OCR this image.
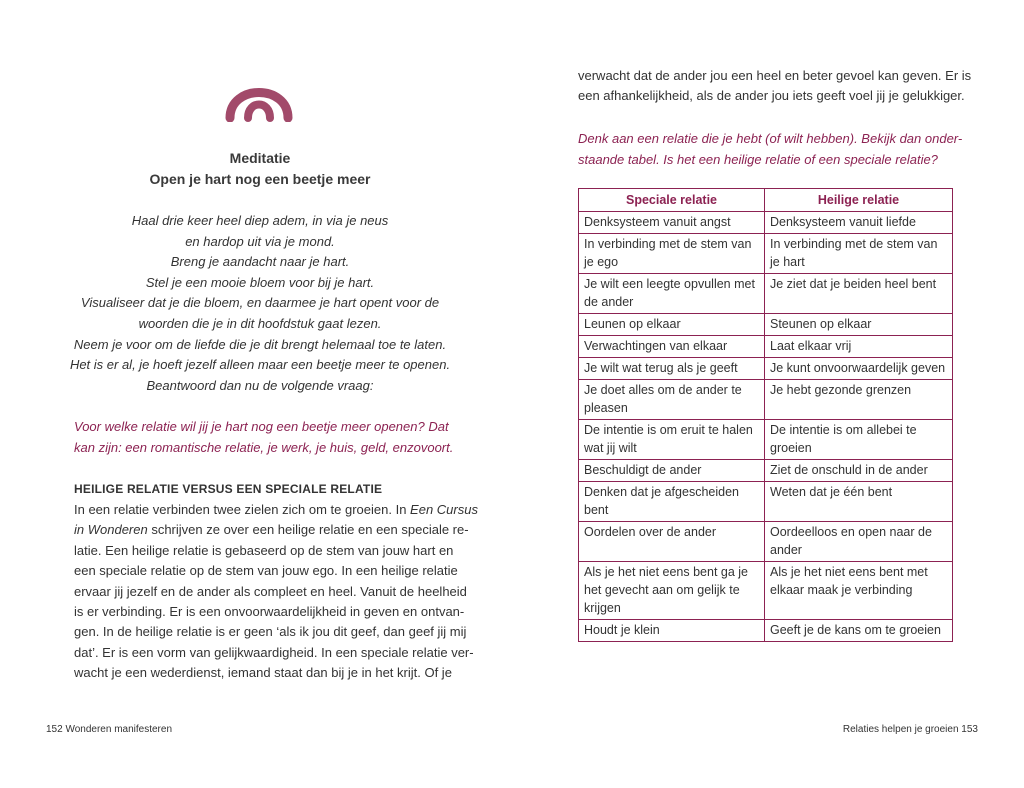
Meditatie
Open je hart nog een beetje meer
Haal drie keer heel diep adem, in via je neus
en hardop uit via je mond.
Breng je aandacht naar je hart.
Stel je een mooie bloem voor bij je hart.
Visualiseer dat je die bloem, en daarmee je hart opent voor de
woorden die je in dit hoofdstuk gaat lezen.
Neem je voor om de liefde die je dit brengt helemaal toe te laten.
Het is er al, je hoeft jezelf alleen maar een beetje meer te openen.
Beantwoord dan nu de volgende vraag:
Voor welke relatie wil jij je hart nog een beetje meer openen? Dat
kan zijn: een romantische relatie, je werk, je huis, geld, enzovoort.
HEILIGE RELATIE VERSUS EEN SPECIALE RELATIE
In een relatie verbinden twee zielen zich om te groeien. In Een Cursus
in Wonderen schrijven ze over een heilige relatie en een speciale re-
latie. Een heilige relatie is gebaseerd op de stem van jouw hart en
een speciale relatie op de stem van jouw ego. In een heilige relatie
ervaar jij jezelf en de ander als compleet en heel. Vanuit de heelheid
is er verbinding. Er is een onvoorwaardelijkheid in geven en ontvan-
gen. In de heilige relatie is er geen ‘als ik jou dit geef, dan geef jij mij
dat’. Er is een vorm van gelijkwaardigheid. In een speciale relatie ver-
wacht je een wederdienst, iemand staat dan bij je in het krijt. Of je
152 Wonderen manifesteren
verwacht dat de ander jou een heel en beter gevoel kan geven. Er is
een afhankelijkheid, als de ander jou iets geeft voel jij je gelukkiger.
Denk aan een relatie die je hebt (of wilt hebben). Bekijk dan onder-
staande tabel. Is het een heilige relatie of een speciale relatie?
Speciale relatie	Heilige relatie
Denksysteem vanuit angst	Denksysteem vanuit liefde
In verbinding met de stem van je ego	In verbinding met de stem van je hart
Je wilt een leegte opvullen met de ander	Je ziet dat je beiden heel bent
Leunen op elkaar	Steunen op elkaar
Verwachtingen van elkaar	Laat elkaar vrij
Je wilt wat terug als je geeft	Je kunt onvoorwaardelijk geven
Je doet alles om de ander te pleasen	Je hebt gezonde grenzen
De intentie is om eruit te halen wat jij wilt	De intentie is om allebei te groeien
Beschuldigt de ander	Ziet de onschuld in de ander
Denken dat je afgescheiden bent	Weten dat je één bent
Oordelen over de ander	Oordeelloos en open naar de ander
Als je het niet eens bent ga je het gevecht aan om gelijk te krijgen	Als je het niet eens bent met elkaar maak je verbinding
Houdt je klein	Geeft je de kans om te groeien
Relaties helpen je groeien 153
